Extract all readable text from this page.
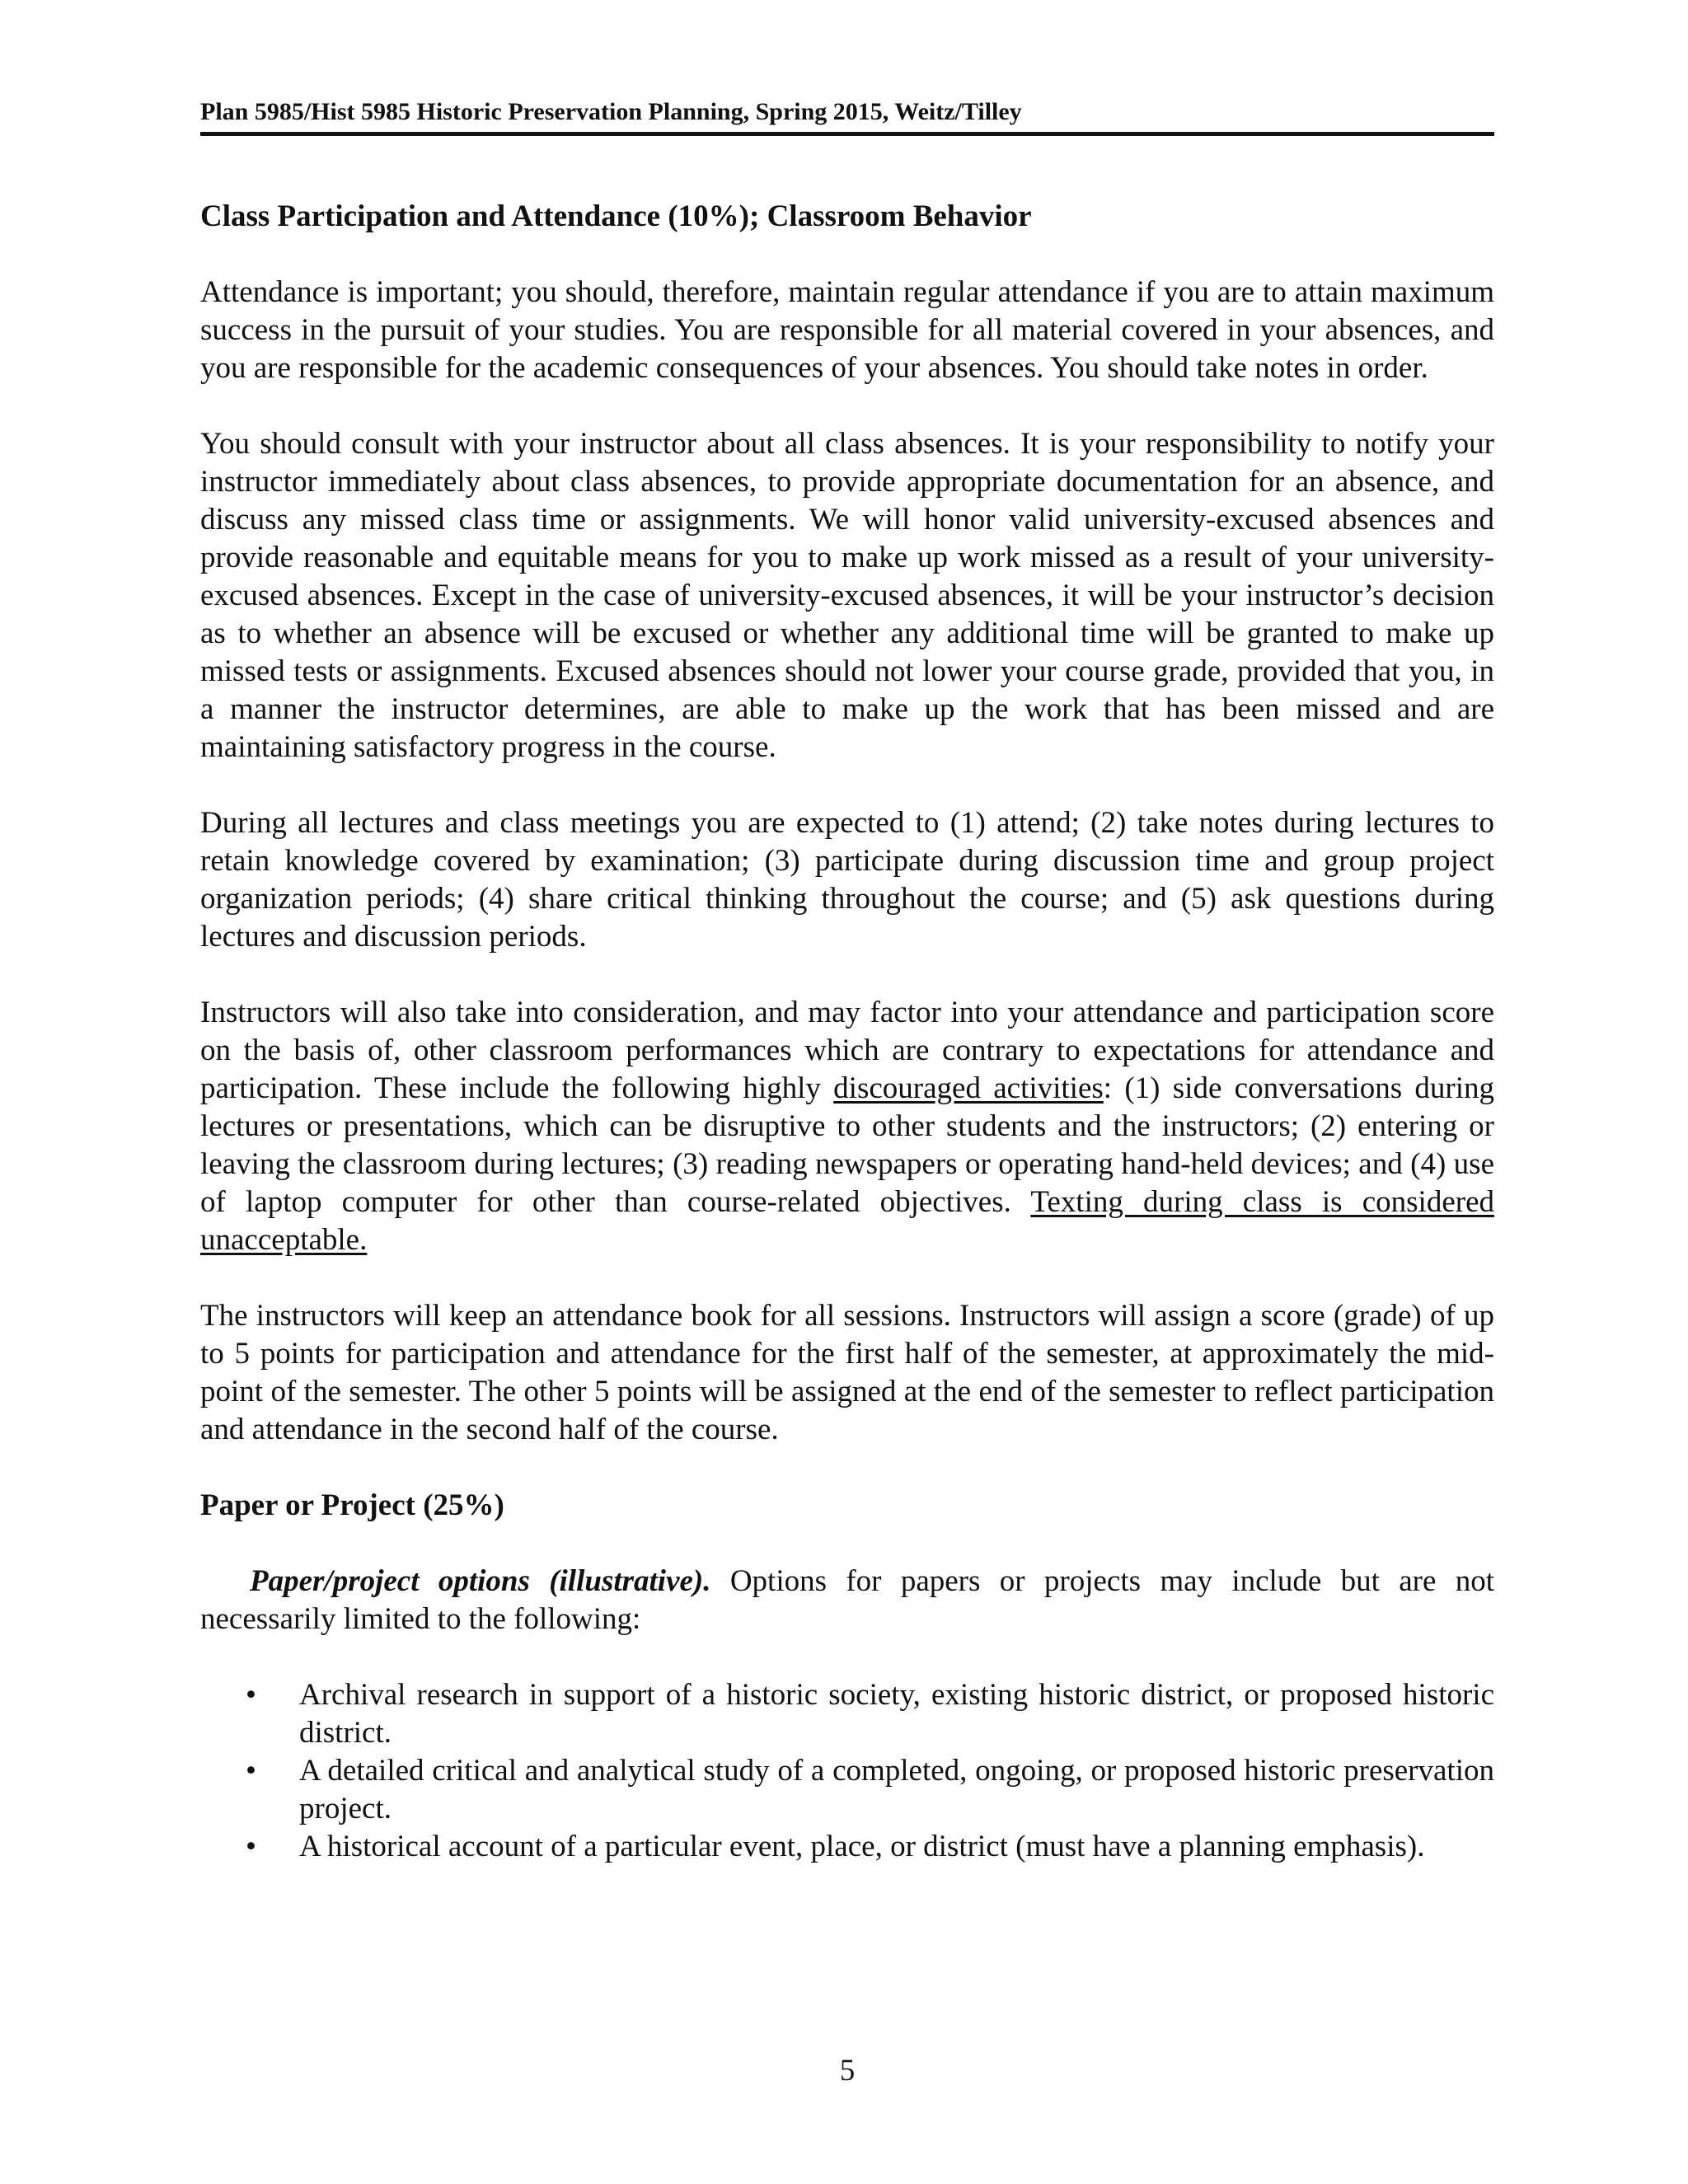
Plan 5985/Hist 5985 Historic Preservation Planning, Spring 2015, Weitz/Tilley
Class Participation and Attendance (10%); Classroom Behavior

Attendance is important; you should, therefore, maintain regular attendance if you are to attain maximum success in the pursuit of your studies. You are responsible for all material covered in your absences, and you are responsible for the academic consequences of your absences. You should take notes in order.

You should consult with your instructor about all class absences. It is your responsibility to notify your instructor immediately about class absences, to provide appropriate documentation for an absence, and discuss any missed class time or assignments. We will honor valid university-excused absences and provide reasonable and equitable means for you to make up work missed as a result of your university-excused absences. Except in the case of university-excused absences, it will be your instructor’s decision as to whether an absence will be excused or whether any additional time will be granted to make up missed tests or assignments. Excused absences should not lower your course grade, provided that you, in a manner the instructor determines, are able to make up the work that has been missed and are maintaining satisfactory progress in the course.

During all lectures and class meetings you are expected to (1) attend; (2) take notes during lectures to retain knowledge covered by examination; (3) participate during discussion time and group project organization periods; (4) share critical thinking throughout the course; and (5) ask questions during lectures and discussion periods.

Instructors will also take into consideration, and may factor into your attendance and participation score on the basis of, other classroom performances which are contrary to expectations for attendance and participation. These include the following highly discouraged activities: (1) side conversations during lectures or presentations, which can be disruptive to other students and the instructors; (2) entering or leaving the classroom during lectures; (3) reading newspapers or operating hand-held devices; and (4) use of laptop computer for other than course-related objectives. Texting during class is considered unacceptable.

The instructors will keep an attendance book for all sessions. Instructors will assign a score (grade) of up to 5 points for participation and attendance for the first half of the semester, at approximately the mid-point of the semester. The other 5 points will be assigned at the end of the semester to reflect participation and attendance in the second half of the course.

Paper or Project (25%)

Paper/project options (illustrative). Options for papers or projects may include but are not necessarily limited to the following:

• Archival research in support of a historic society, existing historic district, or proposed historic district.
• A detailed critical and analytical study of a completed, ongoing, or proposed historic preservation project.
• A historical account of a particular event, place, or district (must have a planning emphasis).
5
